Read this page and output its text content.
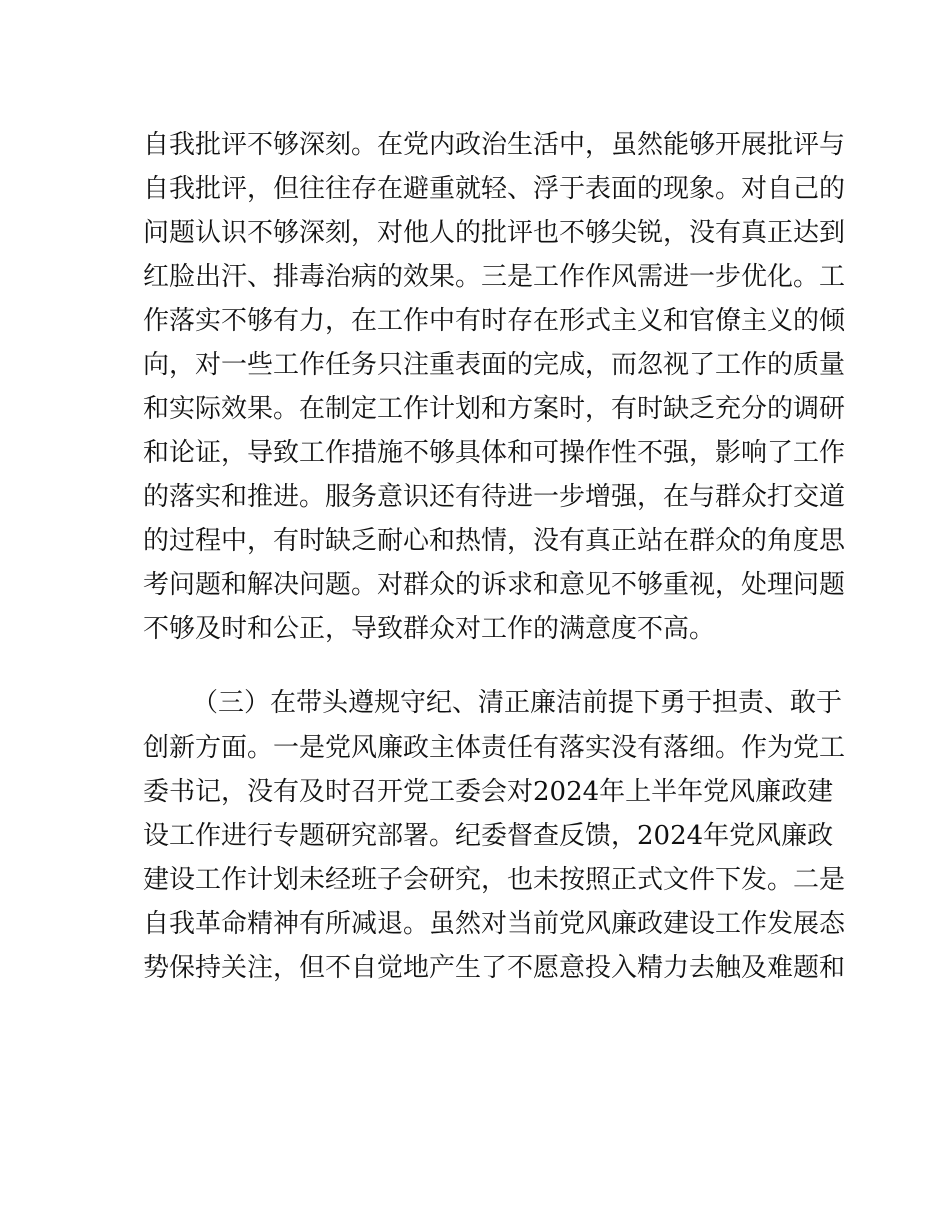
自我批评不够深刻。在党内政治生活中，虽然能够开展批评与
自我批评，但往往存在避重就轻、浮于表面的现象。对自己的
问题认识不够深刻，对他人的批评也不够尖锐，没有真正达到
红脸出汗、排毒治病的效果。三是工作作风需进一步优化。工
作落实不够有力，在工作中有时存在形式主义和官僚主义的倾
向，对一些工作任务只注重表面的完成，而忽视了工作的质量
和实际效果。在制定工作计划和方案时，有时缺乏充分的调研
和论证，导致工作措施不够具体和可操作性不强，影响了工作
的落实和推进。服务意识还有待进一步增强，在与群众打交道
的过程中，有时缺乏耐心和热情，没有真正站在群众的角度思
考问题和解决问题。对群众的诉求和意见不够重视，处理问题
不够及时和公正，导致群众对工作的满意度不高。
（三）在带头遵规守纪、清正廉洁前提下勇于担责、敢于
创新方面。一是党风廉政主体责任有落实没有落细。作为党工
委书记，没有及时召开党工委会对2024年上半年党风廉政建
设工作进行专题研究部署。纪委督查反馈，2024年党风廉政
建设工作计划未经班子会研究，也未按照正式文件下发。二是
自我革命精神有所减退。虽然对当前党风廉政建设工作发展态
势保持关注，但不自觉地产生了不愿意投入精力去触及难题和
